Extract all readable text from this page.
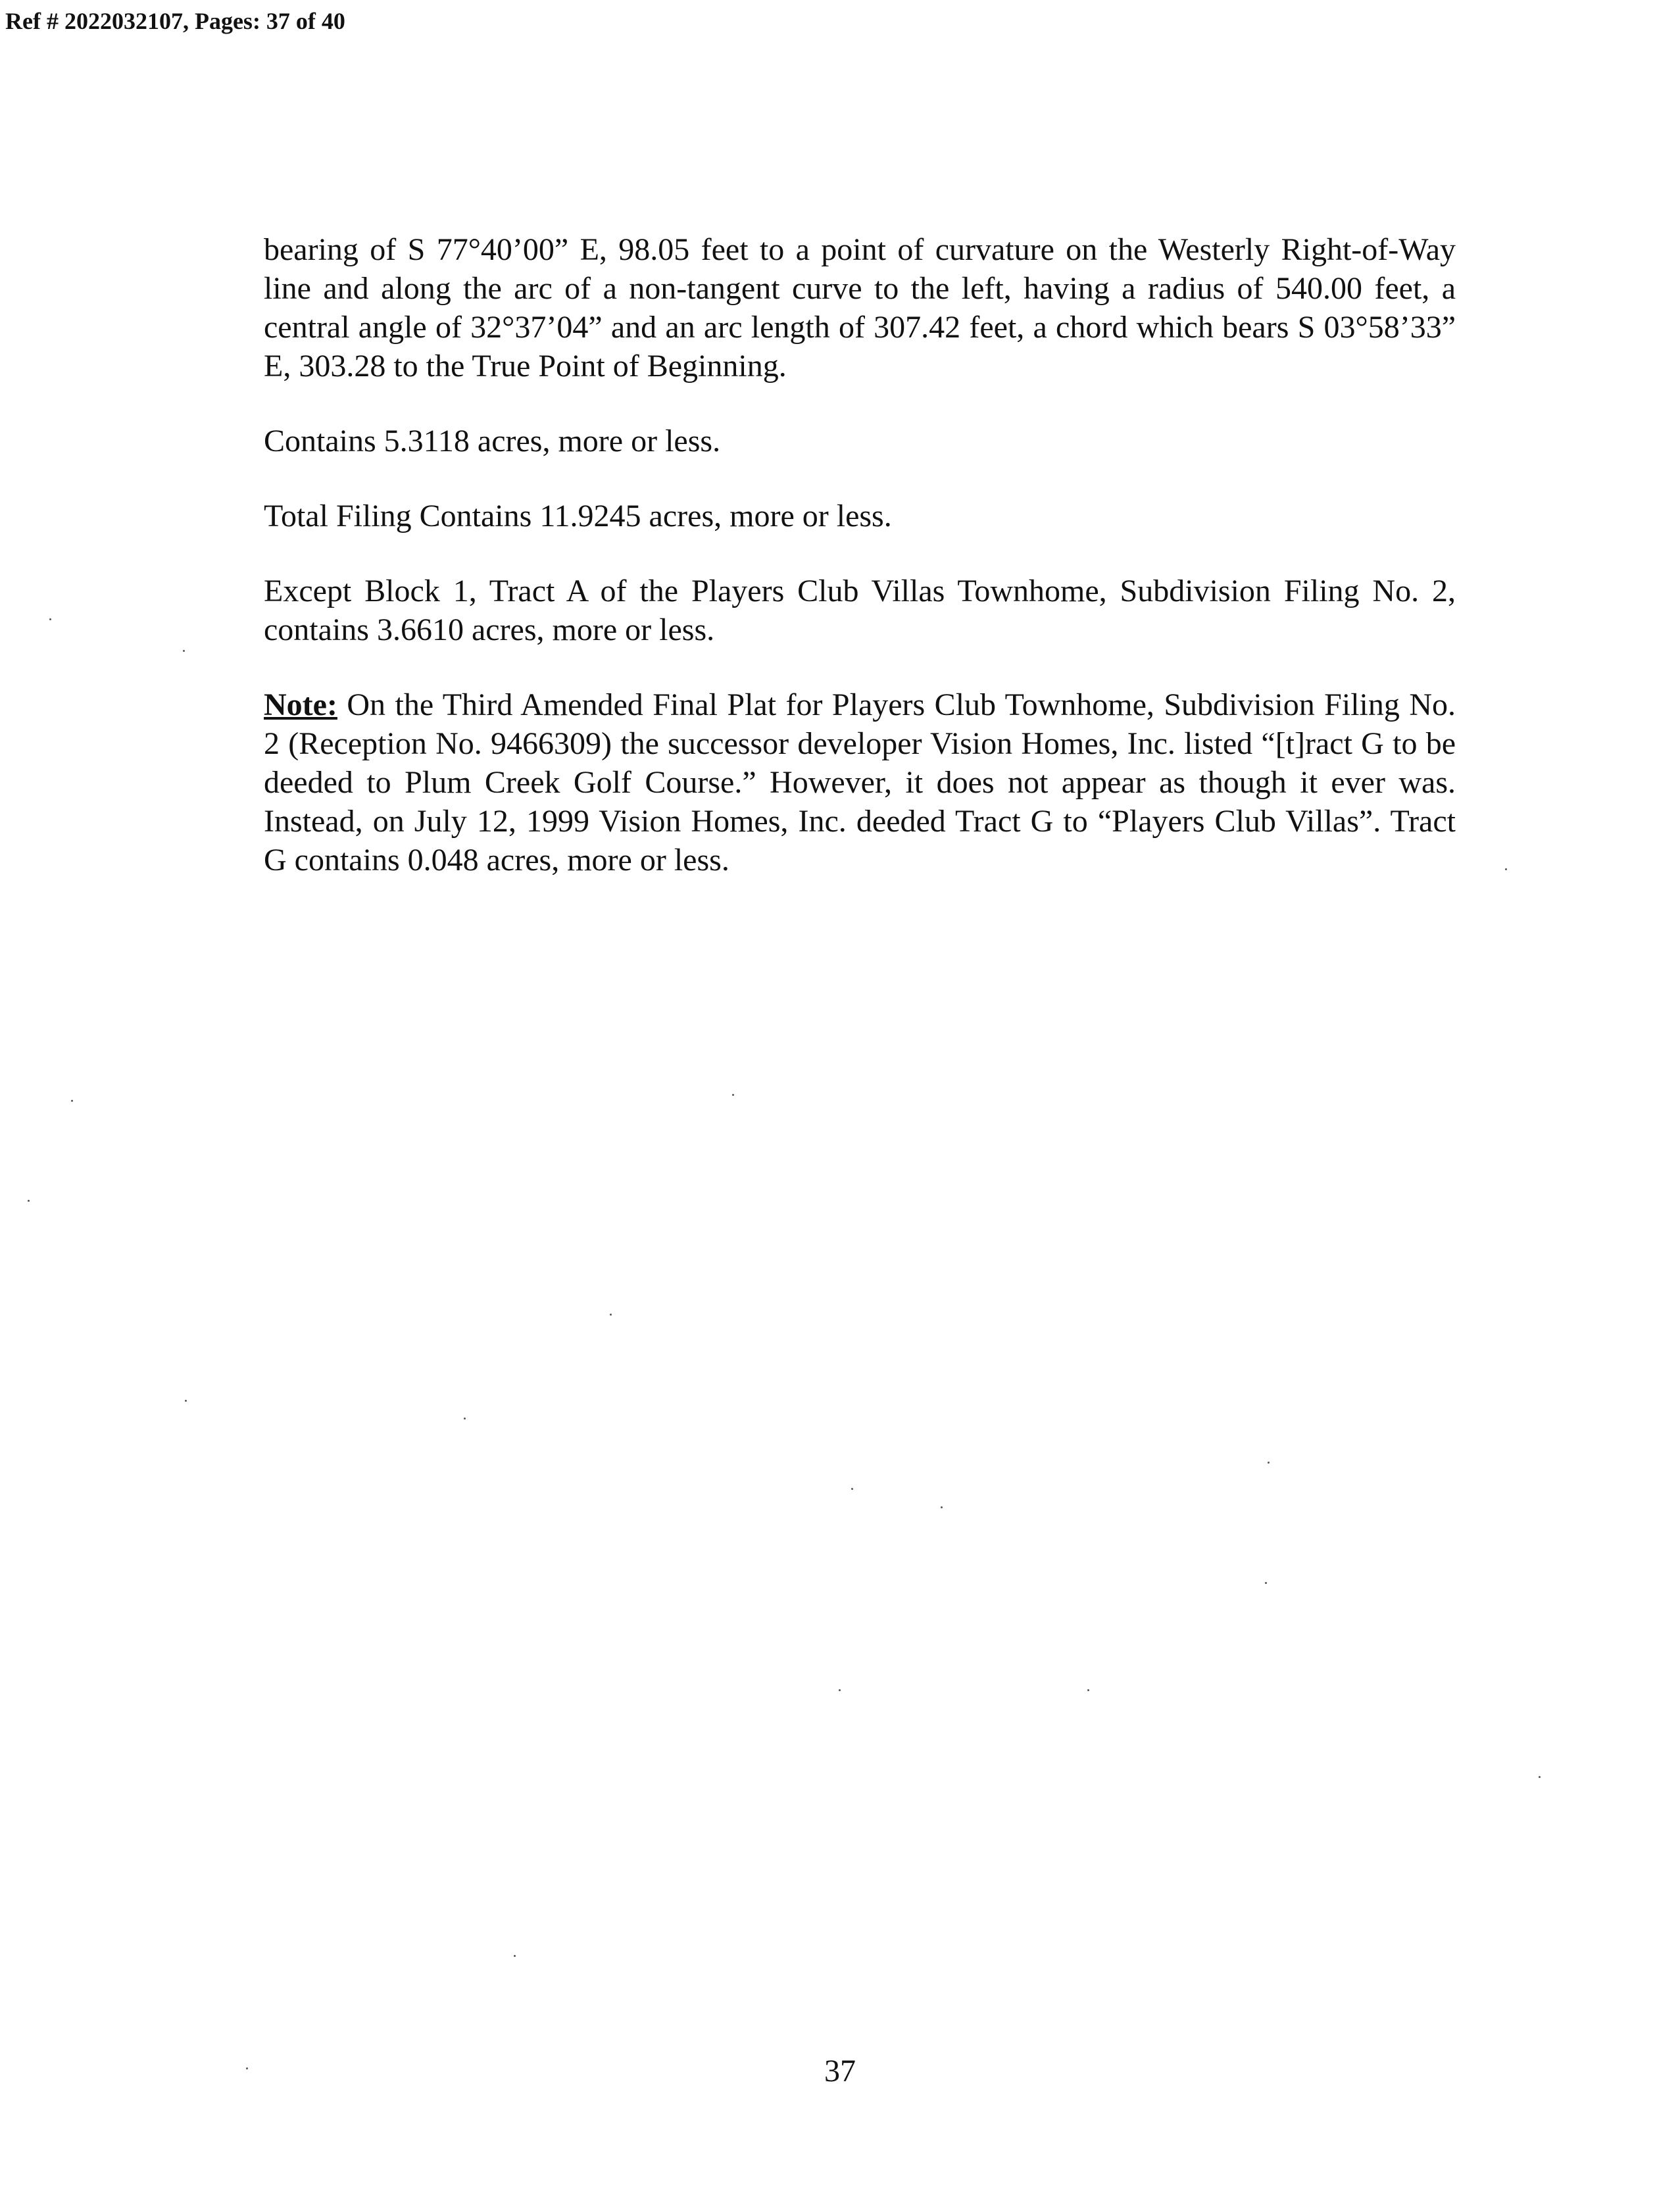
Ref # 2022032107, Pages: 37 of 40

bearing of S 77°40’00” E, 98.05 feet to a point of curvature on the Westerly Right-of-Way line and along the arc of a non-tangent curve to the left, having a radius of 540.00 feet, a central angle of 32°37’04” and an arc length of 307.42 feet, a chord which bears S 03°58’33” E, 303.28 to the True Point of Beginning.

Contains 5.3118 acres, more or less.

Total Filing Contains 11.9245 acres, more or less.

Except Block 1, Tract A of the Players Club Villas Townhome, Subdivision Filing No. 2, contains 3.6610 acres, more or less.

Note: On the Third Amended Final Plat for Players Club Townhome, Subdivision Filing No. 2 (Reception No. 9466309) the successor developer Vision Homes, Inc. listed “[t]ract G to be deeded to Plum Creek Golf Course.” However, it does not appear as though it ever was. Instead, on July 12, 1999 Vision Homes, Inc. deeded Tract G to “Players Club Villas”. Tract G contains 0.048 acres, more or less.

37
